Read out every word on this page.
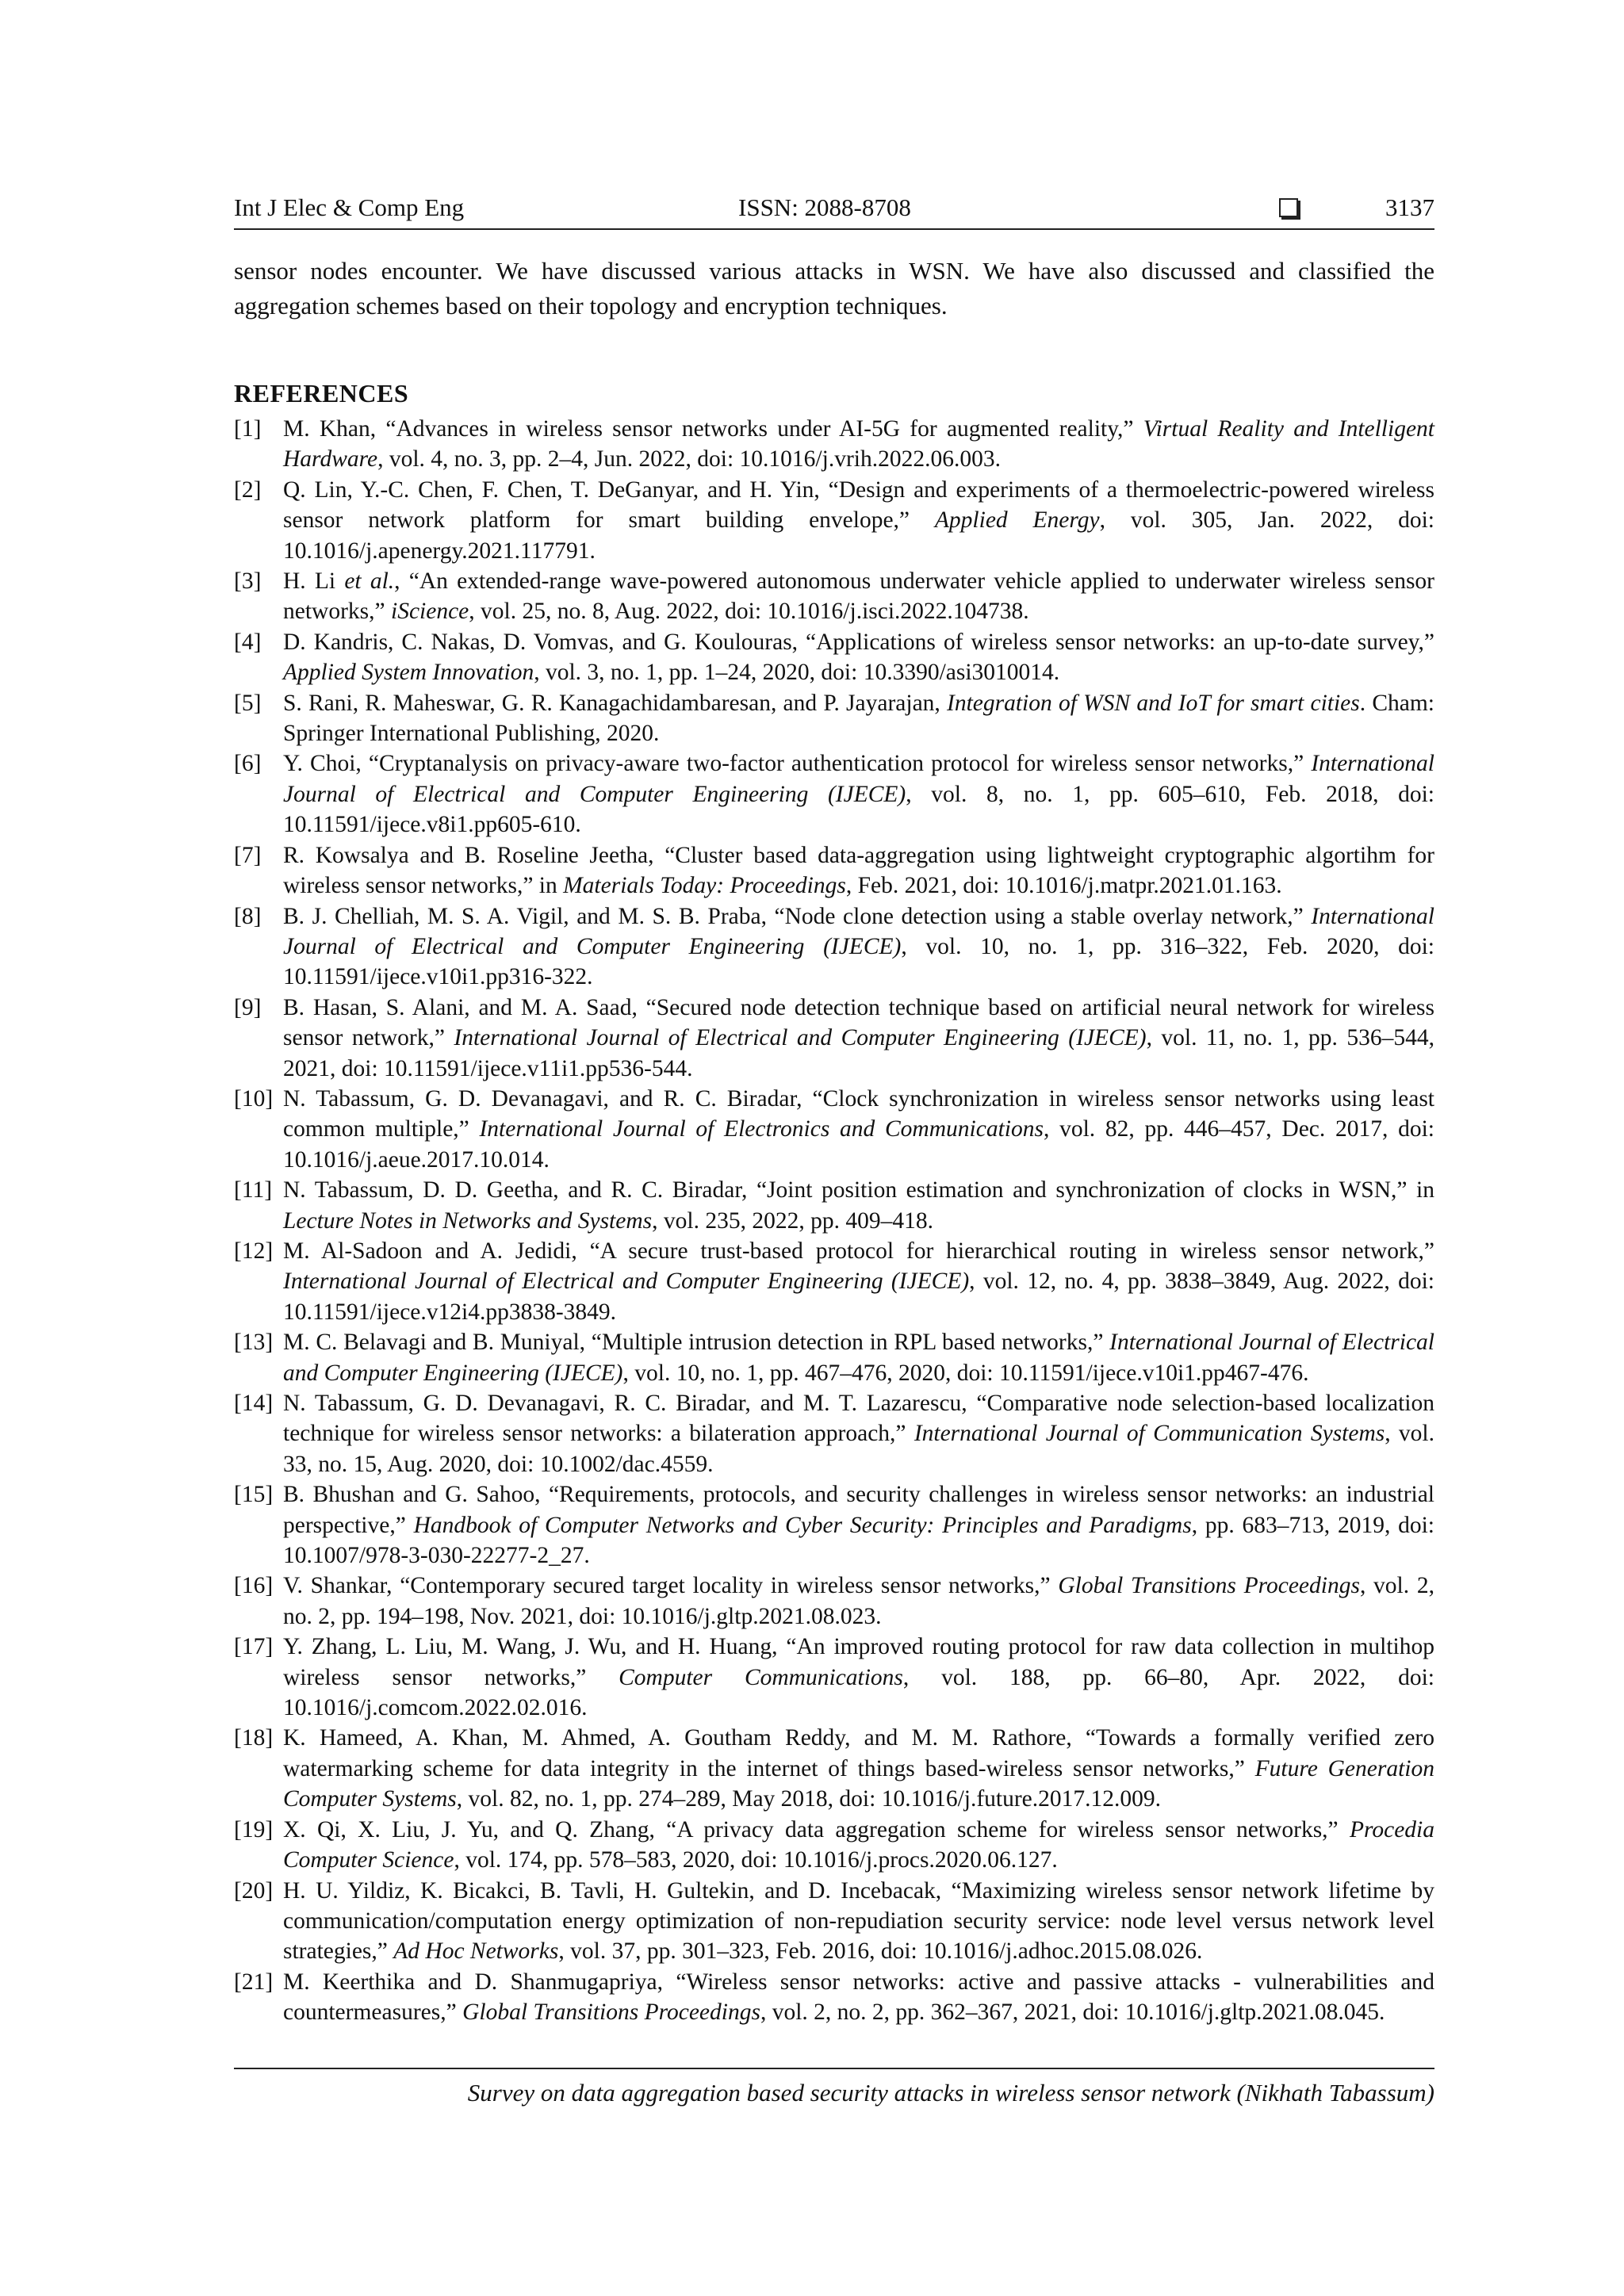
Int J Elec & Comp Eng	ISSN: 2088-8708	3137

sensor nodes encounter. We have discussed various attacks in WSN. We have also discussed and classified the aggregation schemes based on their topology and encryption techniques.

REFERENCES
[1] M. Khan, “Advances in wireless sensor networks under AI-5G for augmented reality,” Virtual Reality and Intelligent Hardware, vol. 4, no. 3, pp. 2–4, Jun. 2022, doi: 10.1016/j.vrih.2022.06.003.
[2] Q. Lin, Y.-C. Chen, F. Chen, T. DeGanyar, and H. Yin, “Design and experiments of a thermoelectric-powered wireless sensor network platform for smart building envelope,” Applied Energy, vol. 305, Jan. 2022, doi: 10.1016/j.apenergy.2021.117791.
[3] H. Li et al., “An extended-range wave-powered autonomous underwater vehicle applied to underwater wireless sensor networks,” iScience, vol. 25, no. 8, Aug. 2022, doi: 10.1016/j.isci.2022.104738.
[4] D. Kandris, C. Nakas, D. Vomvas, and G. Koulouras, “Applications of wireless sensor networks: an up-to-date survey,” Applied System Innovation, vol. 3, no. 1, pp. 1–24, 2020, doi: 10.3390/asi3010014.
[5] S. Rani, R. Maheswar, G. R. Kanagachidambaresan, and P. Jayarajan, Integration of WSN and IoT for smart cities. Cham: Springer International Publishing, 2020.
[6] Y. Choi, “Cryptanalysis on privacy-aware two-factor authentication protocol for wireless sensor networks,” International Journal of Electrical and Computer Engineering (IJECE), vol. 8, no. 1, pp. 605–610, Feb. 2018, doi: 10.11591/ijece.v8i1.pp605-610.
[7] R. Kowsalya and B. Roseline Jeetha, “Cluster based data-aggregation using lightweight cryptographic algortihm for wireless sensor networks,” in Materials Today: Proceedings, Feb. 2021, doi: 10.1016/j.matpr.2021.01.163.
[8] B. J. Chelliah, M. S. A. Vigil, and M. S. B. Praba, “Node clone detection using a stable overlay network,” International Journal of Electrical and Computer Engineering (IJECE), vol. 10, no. 1, pp. 316–322, Feb. 2020, doi: 10.11591/ijece.v10i1.pp316-322.
[9] B. Hasan, S. Alani, and M. A. Saad, “Secured node detection technique based on artificial neural network for wireless sensor network,” International Journal of Electrical and Computer Engineering (IJECE), vol. 11, no. 1, pp. 536–544, 2021, doi: 10.11591/ijece.v11i1.pp536-544.
[10] N. Tabassum, G. D. Devanagavi, and R. C. Biradar, “Clock synchronization in wireless sensor networks using least common multiple,” International Journal of Electronics and Communications, vol. 82, pp. 446–457, Dec. 2017, doi: 10.1016/j.aeue.2017.10.014.
[11] N. Tabassum, D. D. Geetha, and R. C. Biradar, “Joint position estimation and synchronization of clocks in WSN,” in Lecture Notes in Networks and Systems, vol. 235, 2022, pp. 409–418.
[12] M. Al-Sadoon and A. Jedidi, “A secure trust-based protocol for hierarchical routing in wireless sensor network,” International Journal of Electrical and Computer Engineering (IJECE), vol. 12, no. 4, pp. 3838–3849, Aug. 2022, doi: 10.11591/ijece.v12i4.pp3838-3849.
[13] M. C. Belavagi and B. Muniyal, “Multiple intrusion detection in RPL based networks,” International Journal of Electrical and Computer Engineering (IJECE), vol. 10, no. 1, pp. 467–476, 2020, doi: 10.11591/ijece.v10i1.pp467-476.
[14] N. Tabassum, G. D. Devanagavi, R. C. Biradar, and M. T. Lazarescu, “Comparative node selection-based localization technique for wireless sensor networks: a bilateration approach,” International Journal of Communication Systems, vol. 33, no. 15, Aug. 2020, doi: 10.1002/dac.4559.
[15] B. Bhushan and G. Sahoo, “Requirements, protocols, and security challenges in wireless sensor networks: an industrial perspective,” Handbook of Computer Networks and Cyber Security: Principles and Paradigms, pp. 683–713, 2019, doi: 10.1007/978-3-030-22277-2_27.
[16] V. Shankar, “Contemporary secured target locality in wireless sensor networks,” Global Transitions Proceedings, vol. 2, no. 2, pp. 194–198, Nov. 2021, doi: 10.1016/j.gltp.2021.08.023.
[17] Y. Zhang, L. Liu, M. Wang, J. Wu, and H. Huang, “An improved routing protocol for raw data collection in multihop wireless sensor networks,” Computer Communications, vol. 188, pp. 66–80, Apr. 2022, doi: 10.1016/j.comcom.2022.02.016.
[18] K. Hameed, A. Khan, M. Ahmed, A. Goutham Reddy, and M. M. Rathore, “Towards a formally verified zero watermarking scheme for data integrity in the internet of things based-wireless sensor networks,” Future Generation Computer Systems, vol. 82, no. 1, pp. 274–289, May 2018, doi: 10.1016/j.future.2017.12.009.
[19] X. Qi, X. Liu, J. Yu, and Q. Zhang, “A privacy data aggregation scheme for wireless sensor networks,” Procedia Computer Science, vol. 174, pp. 578–583, 2020, doi: 10.1016/j.procs.2020.06.127.
[20] H. U. Yildiz, K. Bicakci, B. Tavli, H. Gultekin, and D. Incebacak, “Maximizing wireless sensor network lifetime by communication/computation energy optimization of non-repudiation security service: node level versus network level strategies,” Ad Hoc Networks, vol. 37, pp. 301–323, Feb. 2016, doi: 10.1016/j.adhoc.2015.08.026.
[21] M. Keerthika and D. Shanmugapriya, “Wireless sensor networks: active and passive attacks - vulnerabilities and countermeasures,” Global Transitions Proceedings, vol. 2, no. 2, pp. 362–367, 2021, doi: 10.1016/j.gltp.2021.08.045.

Survey on data aggregation based security attacks in wireless sensor network (Nikhath Tabassum)
